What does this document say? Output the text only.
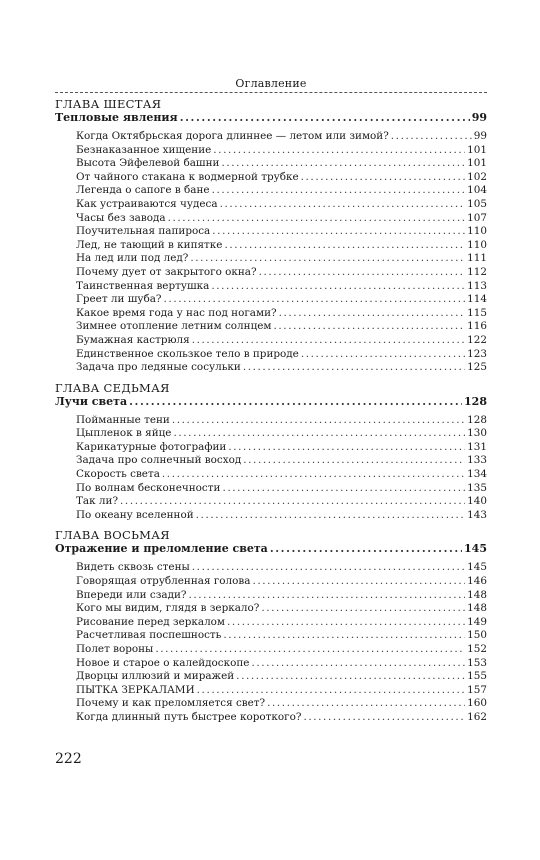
Оглавление
ГЛАВА ШЕСТАЯ
Тепловые явления .....	99
Когда Октябрьская дорога длиннее — летом или зимой? .....	99
Безнаказанное хищение .....	101
Высота Эйфелевой башни .....	101
От чайного стакана к водмерной трубке .....	102
Легенда о сапоге в бане .....	104
Как устраиваются чудеса .....	105
Часы без завода .....	107
Поучительная папироса .....	110
Лед, не тающий в кипятке .....	110
На лед или под лед? .....	111
Почему дует от закрытого окна? .....	112
Таинственная вертушка .....	113
Греет ли шуба? .....	114
Какое время года у нас под ногами? .....	115
Зимнее отопление летним солнцем .....	116
Бумажная кастрюля .....	122
Единственное скользкое тело в природе .....	123
Задача про ледяные сосульки .....	125
ГЛАВА СЕДЬМАЯ
Лучи света .....	128
Пойманные тени .....	128
Цыпленок в яйце .....	130
Карикатурные фотографии .....	131
Задача про солнечный восход .....	133
Скорость света .....	134
По волнам бесконечности .....	135
Так ли? .....	140
По океану вселенной .....	143
ГЛАВА ВОСЬМАЯ
Отражение и преломление света .....	145
Видеть сквозь стены .....	145
Говорящая отрубленная голова .....	146
Впереди или сзади? .....	148
Кого мы видим, глядя в зеркало? .....	148
Рисование перед зеркалом .....	149
Расчетливая поспешность .....	150
Полет вороны .....	152
Новое и старое о калейдоскопе .....	153
Дворцы иллюзий и миражей .....	155
ПЫТКА ЗЕРКАЛАМИ .....	157
Почему и как преломляется свет? .....	160
Когда длинный путь быстрее короткого? .....	162
222
